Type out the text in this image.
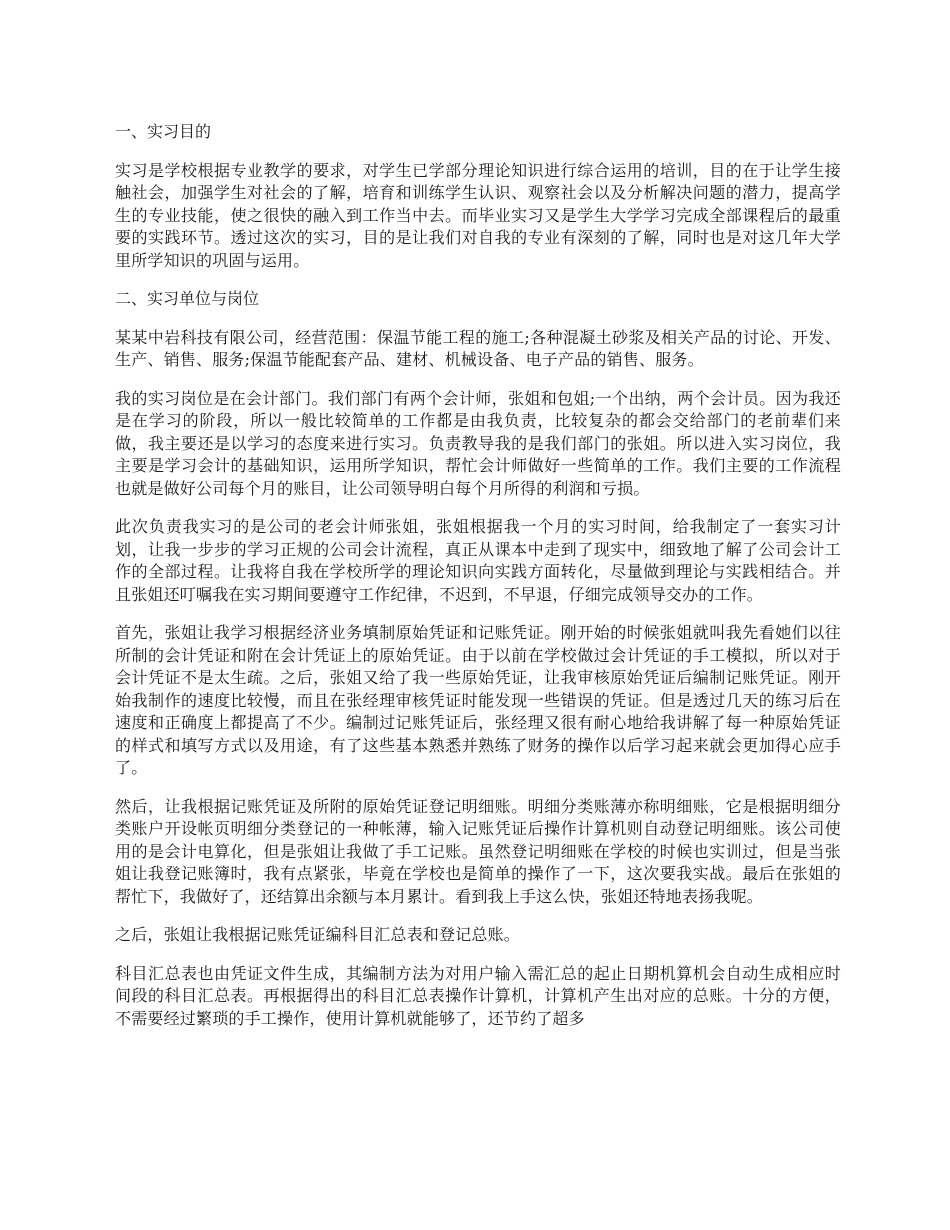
一、实习目的
实习是学校根据专业教学的要求，对学生已学部分理论知识进行综合运用的培训，目的在于让学生接触社会，加强学生对社会的了解，培育和训练学生认识、观察社会以及分析解决问题的潜力，提高学生的专业技能，使之很快的融入到工作当中去。而毕业实习又是学生大学学习完成全部课程后的最重要的实践环节。透过这次的实习，目的是让我们对自我的专业有深刻的了解，同时也是对这几年大学里所学知识的巩固与运用。
二、实习单位与岗位
某某中岩科技有限公司，经营范围：保温节能工程的施工;各种混凝土砂浆及相关产品的讨论、开发、生产、销售、服务;保温节能配套产品、建材、机械设备、电子产品的销售、服务。
我的实习岗位是在会计部门。我们部门有两个会计师，张姐和包姐;一个出纳，两个会计员。因为我还是在学习的阶段，所以一般比较简单的工作都是由我负责，比较复杂的都会交给部门的老前辈们来做，我主要还是以学习的态度来进行实习。负责教导我的是我们部门的张姐。所以进入实习岗位，我主要是学习会计的基础知识，运用所学知识，帮忙会计师做好一些简单的工作。我们主要的工作流程也就是做好公司每个月的账目，让公司领导明白每个月所得的利润和亏损。
此次负责我实习的是公司的老会计师张姐，张姐根据我一个月的实习时间，给我制定了一套实习计划，让我一步步的学习正规的公司会计流程，真正从课本中走到了现实中，细致地了解了公司会计工作的全部过程。让我将自我在学校所学的理论知识向实践方面转化，尽量做到理论与实践相结合。并且张姐还叮嘱我在实习期间要遵守工作纪律，不迟到，不早退，仔细完成领导交办的工作。
首先，张姐让我学习根据经济业务填制原始凭证和记账凭证。刚开始的时候张姐就叫我先看她们以往所制的会计凭证和附在会计凭证上的原始凭证。由于以前在学校做过会计凭证的手工模拟，所以对于会计凭证不是太生疏。之后，张姐又给了我一些原始凭证，让我审核原始凭证后编制记账凭证。刚开始我制作的速度比较慢，而且在张经理审核凭证时能发现一些错误的凭证。但是透过几天的练习后在速度和正确度上都提高了不少。编制过记账凭证后，张经理又很有耐心地给我讲解了每一种原始凭证的样式和填写方式以及用途，有了这些基本熟悉并熟练了财务的操作以后学习起来就会更加得心应手了。
然后，让我根据记账凭证及所附的原始凭证登记明细账。明细分类账薄亦称明细账，它是根据明细分类账户开设帐页明细分类登记的一种帐薄，输入记账凭证后操作计算机则自动登记明细账。该公司使用的是会计电算化，但是张姐让我做了手工记账。虽然登记明细账在学校的时候也实训过，但是当张姐让我登记账簿时，我有点紧张，毕竟在学校也是简单的操作了一下，这次要我实战。最后在张姐的帮忙下，我做好了，还结算出余额与本月累计。看到我上手这么快，张姐还特地表扬我呢。
之后，张姐让我根据记账凭证编科目汇总表和登记总账。
科目汇总表也由凭证文件生成，其编制方法为对用户输入需汇总的起止日期机算机会自动生成相应时间段的科目汇总表。再根据得出的科目汇总表操作计算机，计算机产生出对应的总账。十分的方便，不需要经过繁琐的手工操作，使用计算机就能够了，还节约了超多
